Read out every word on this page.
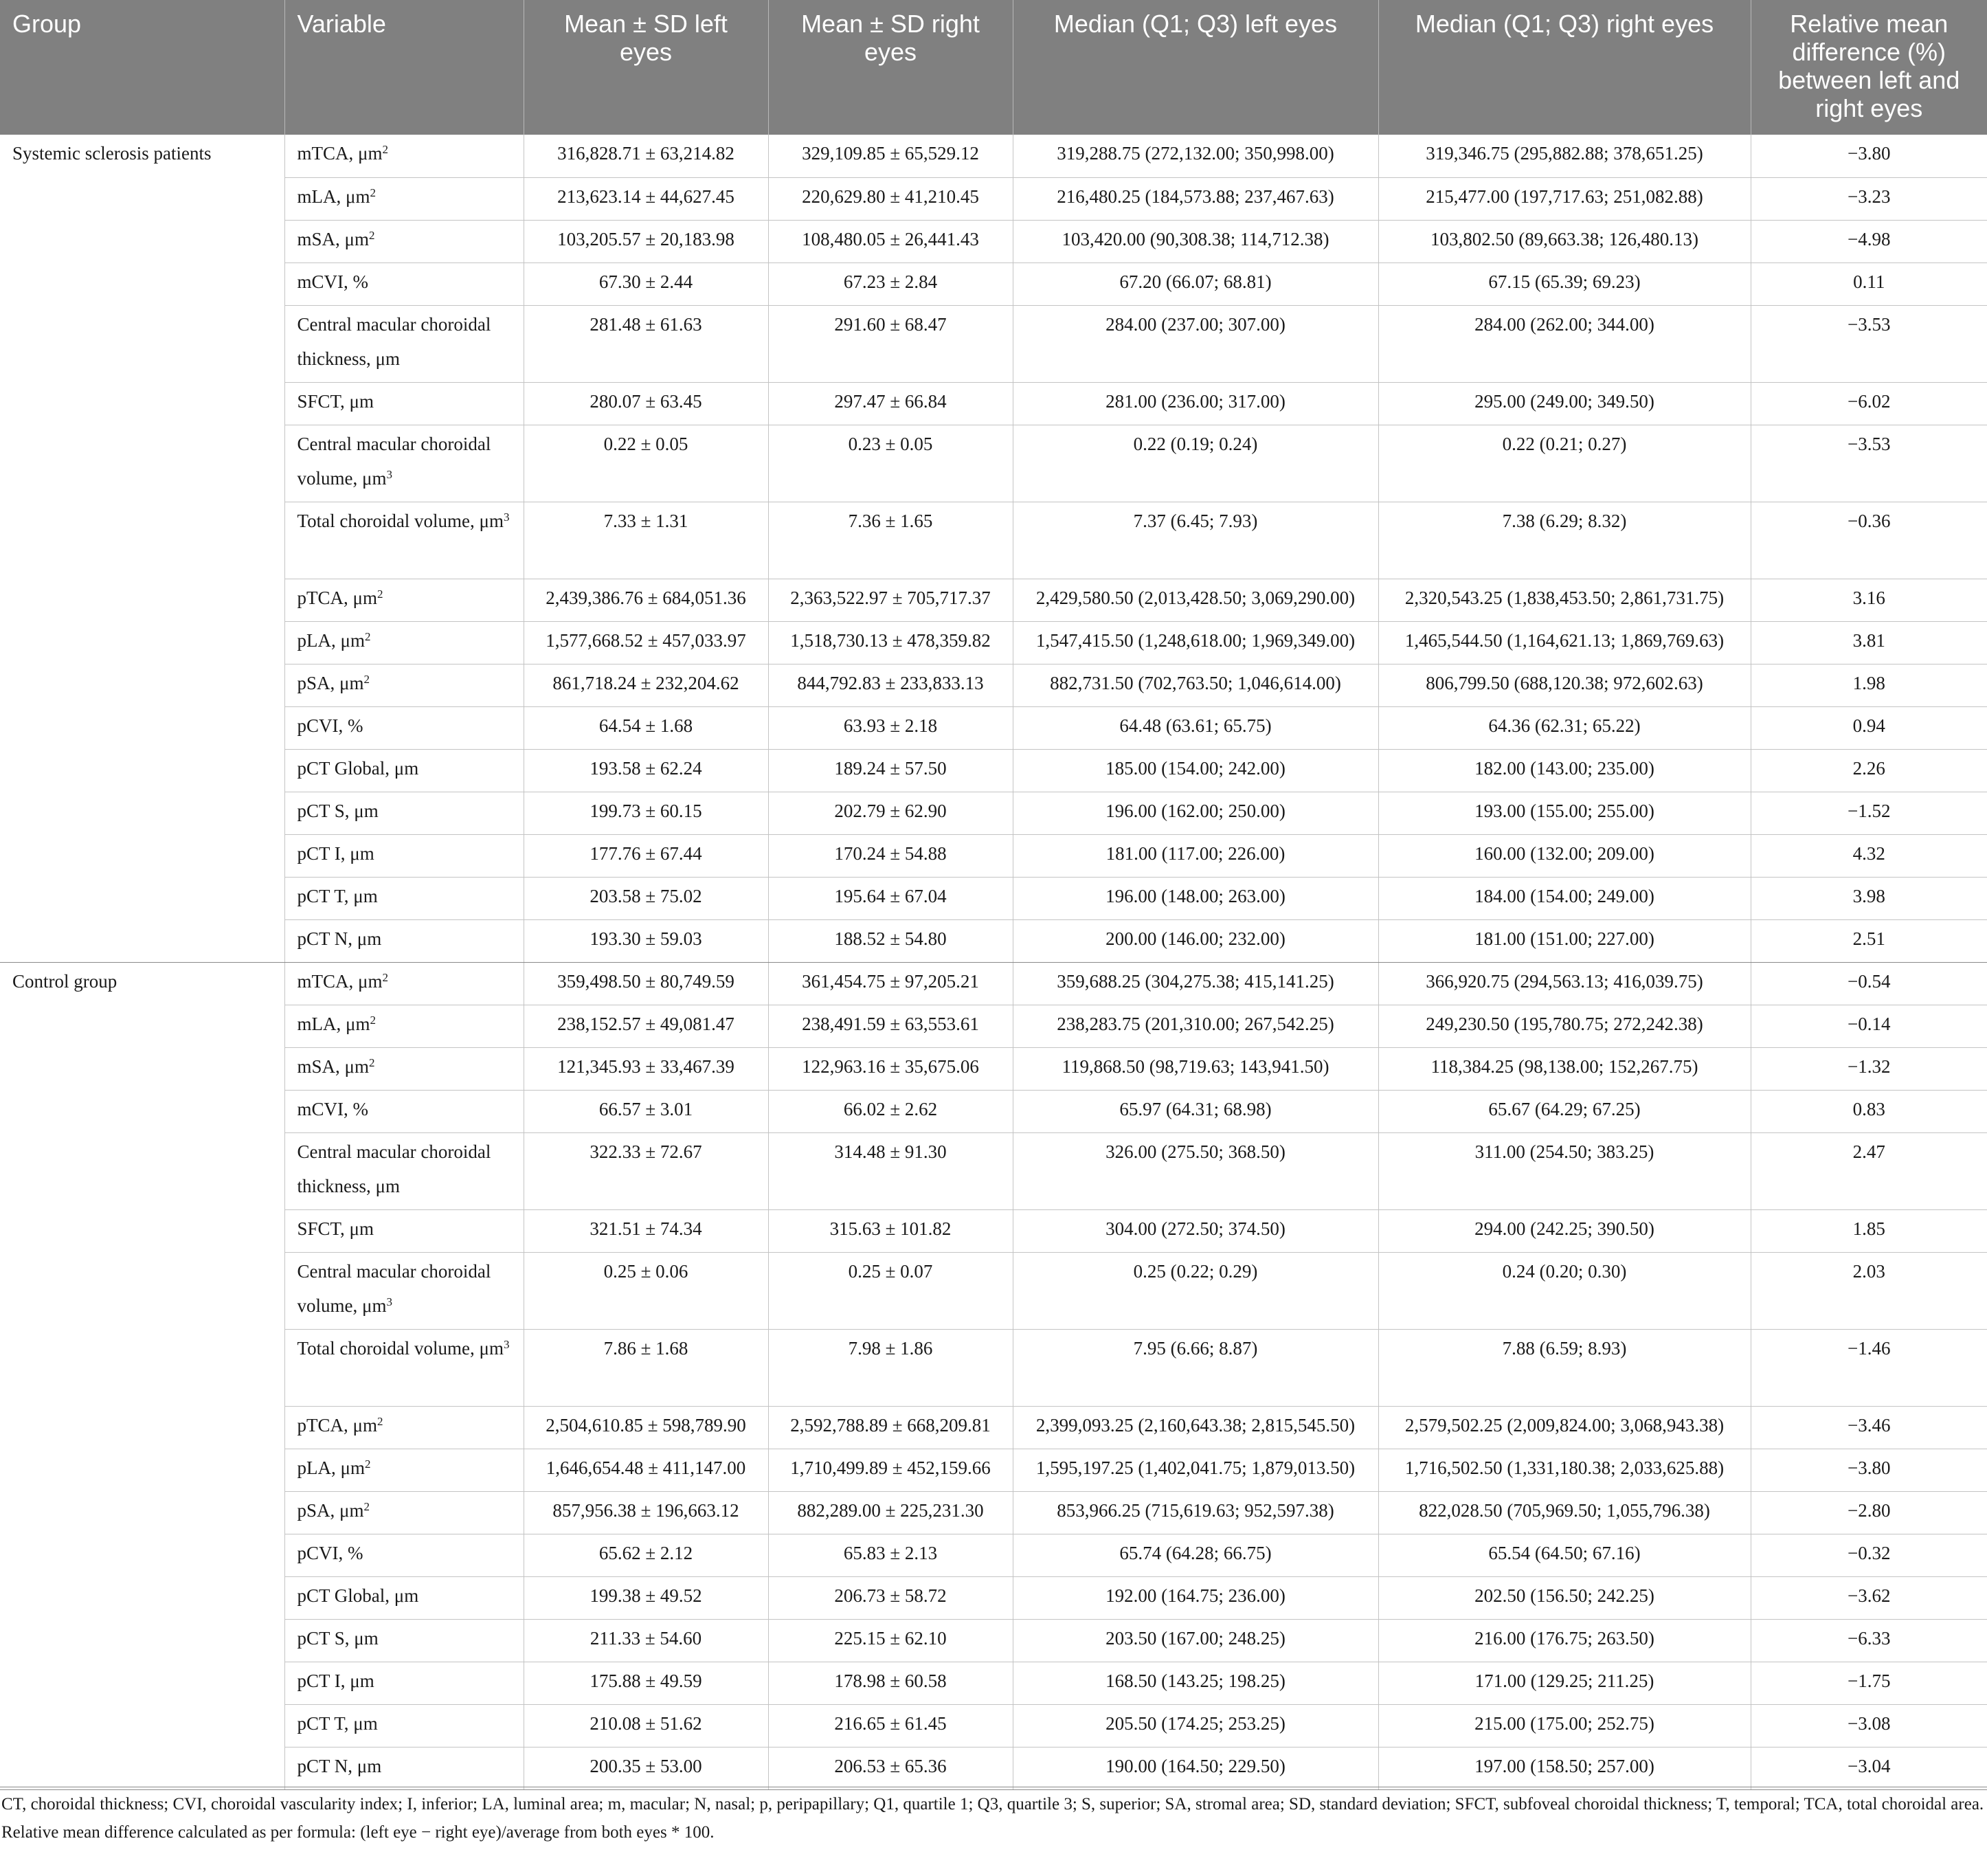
Group	Variable	Mean ± SD left eyes	Mean ± SD right eyes	Median (Q1; Q3) left eyes	Median (Q1; Q3) right eyes	Relative mean difference (%) between left and right eyes
Systemic sclerosis patients	mTCA, $\mu m^2$	316,828.71 ± 63,214.82	329,109.85 ± 65,529.12	319,288.75 (272,132.00; 350,998.00)	319,346.75 (295,882.88; 378,651.25)	−3.80
	mLA, $\mu m^2$	213,623.14 ± 44,627.45	220,629.80 ± 41,210.45	216,480.25 (184,573.88; 237,467.63)	215,477.00 (197,717.63; 251,082.88)	−3.23
	mSA, $\mu m^2$	103,205.57 ± 20,183.98	108,480.05 ± 26,441.43	103,420.00 (90,308.38; 114,712.38)	103,802.50 (89,663.38; 126,480.13)	−4.98
	mCVI, %	67.30 ± 2.44	67.23 ± 2.84	67.20 (66.07; 68.81)	67.15 (65.39; 69.23)	0.11
	Central macular choroidal thickness, μm	281.48 ± 61.63	291.60 ± 68.47	284.00 (237.00; 307.00)	284.00 (262.00; 344.00)	−3.53
	SFCT, μm	280.07 ± 63.45	297.47 ± 66.84	281.00 (236.00; 317.00)	295.00 (249.00; 349.50)	−6.02
	Central macular choroidal volume, $\mu m^3$	0.22 ± 0.05	0.23 ± 0.05	0.22 (0.19; 0.24)	0.22 (0.21; 0.27)	−3.53
	Total choroidal volume, $\mu m^3$	7.33 ± 1.31	7.36 ± 1.65	7.37 (6.45; 7.93)	7.38 (6.29; 8.32)	−0.36
	pTCA, $\mu m^2$	2,439,386.76 ± 684,051.36	2,363,522.97 ± 705,717.37	2,429,580.50 (2,013,428.50; 3,069,290.00)	2,320,543.25 (1,838,453.50; 2,861,731.75)	3.16
	pLA, $\mu m^2$	1,577,668.52 ± 457,033.97	1,518,730.13 ± 478,359.82	1,547,415.50 (1,248,618.00; 1,969,349.00)	1,465,544.50 (1,164,621.13; 1,869,769.63)	3.81
	pSA, $\mu m^2$	861,718.24 ± 232,204.62	844,792.83 ± 233,833.13	882,731.50 (702,763.50; 1,046,614.00)	806,799.50 (688,120.38; 972,602.63)	1.98
	pCVI, %	64.54 ± 1.68	63.93 ± 2.18	64.48 (63.61; 65.75)	64.36 (62.31; 65.22)	0.94
	pCT Global, μm	193.58 ± 62.24	189.24 ± 57.50	185.00 (154.00; 242.00)	182.00 (143.00; 235.00)	2.26
	pCT S, μm	199.73 ± 60.15	202.79 ± 62.90	196.00 (162.00; 250.00)	193.00 (155.00; 255.00)	−1.52
	pCT I, μm	177.76 ± 67.44	170.24 ± 54.88	181.00 (117.00; 226.00)	160.00 (132.00; 209.00)	4.32
	pCT T, μm	203.58 ± 75.02	195.64 ± 67.04	196.00 (148.00; 263.00)	184.00 (154.00; 249.00)	3.98
	pCT N, μm	193.30 ± 59.03	188.52 ± 54.80	200.00 (146.00; 232.00)	181.00 (151.00; 227.00)	2.51
Control group	mTCA, $\mu m^2$	359,498.50 ± 80,749.59	361,454.75 ± 97,205.21	359,688.25 (304,275.38; 415,141.25)	366,920.75 (294,563.13; 416,039.75)	−0.54
	mLA, $\mu m^2$	238,152.57 ± 49,081.47	238,491.59 ± 63,553.61	238,283.75 (201,310.00; 267,542.25)	249,230.50 (195,780.75; 272,242.38)	−0.14
	mSA, $\mu m^2$	121,345.93 ± 33,467.39	122,963.16 ± 35,675.06	119,868.50 (98,719.63; 143,941.50)	118,384.25 (98,138.00; 152,267.75)	−1.32
	mCVI, %	66.57 ± 3.01	66.02 ± 2.62	65.97 (64.31; 68.98)	65.67 (64.29; 67.25)	0.83
	Central macular choroidal thickness, μm	322.33 ± 72.67	314.48 ± 91.30	326.00 (275.50; 368.50)	311.00 (254.50; 383.25)	2.47
	SFCT, μm	321.51 ± 74.34	315.63 ± 101.82	304.00 (272.50; 374.50)	294.00 (242.25; 390.50)	1.85
	Central macular choroidal volume, $\mu m^3$	0.25 ± 0.06	0.25 ± 0.07	0.25 (0.22; 0.29)	0.24 (0.20; 0.30)	2.03
	Total choroidal volume, $\mu m^3$	7.86 ± 1.68	7.98 ± 1.86	7.95 (6.66; 8.87)	7.88 (6.59; 8.93)	−1.46
	pTCA, $\mu m^2$	2,504,610.85 ± 598,789.90	2,592,788.89 ± 668,209.81	2,399,093.25 (2,160,643.38; 2,815,545.50)	2,579,502.25 (2,009,824.00; 3,068,943.38)	−3.46
	pLA, $\mu m^2$	1,646,654.48 ± 411,147.00	1,710,499.89 ± 452,159.66	1,595,197.25 (1,402,041.75; 1,879,013.50)	1,716,502.50 (1,331,180.38; 2,033,625.88)	−3.80
	pSA, $\mu m^2$	857,956.38 ± 196,663.12	882,289.00 ± 225,231.30	853,966.25 (715,619.63; 952,597.38)	822,028.50 (705,969.50; 1,055,796.38)	−2.80
	pCVI, %	65.62 ± 2.12	65.83 ± 2.13	65.74 (64.28; 66.75)	65.54 (64.50; 67.16)	−0.32
	pCT Global, μm	199.38 ± 49.52	206.73 ± 58.72	192.00 (164.75; 236.00)	202.50 (156.50; 242.25)	−3.62
	pCT S, μm	211.33 ± 54.60	225.15 ± 62.10	203.50 (167.00; 248.25)	216.00 (176.75; 263.50)	−6.33
	pCT I, μm	175.88 ± 49.59	178.98 ± 60.58	168.50 (143.25; 198.25)	171.00 (129.25; 211.25)	−1.75
	pCT T, μm	210.08 ± 51.62	216.65 ± 61.45	205.50 (174.25; 253.25)	215.00 (175.00; 252.75)	−3.08
	pCT N, μm	200.35 ± 53.00	206.53 ± 65.36	190.00 (164.50; 229.50)	197.00 (158.50; 257.00)	−3.04

CT, choroidal thickness; CVI, choroidal vascularity index; I, inferior; LA, luminal area; m, macular; N, nasal; p, peripapillary; Q1, quartile 1; Q3, quartile 3; S, superior; SA, stromal area; SD, standard deviation; SFCT, subfoveal choroidal thickness; T, temporal; TCA, total choroidal area.

Relative mean difference calculated as per formula: (left eye − right eye)/average from both eyes * 100.
